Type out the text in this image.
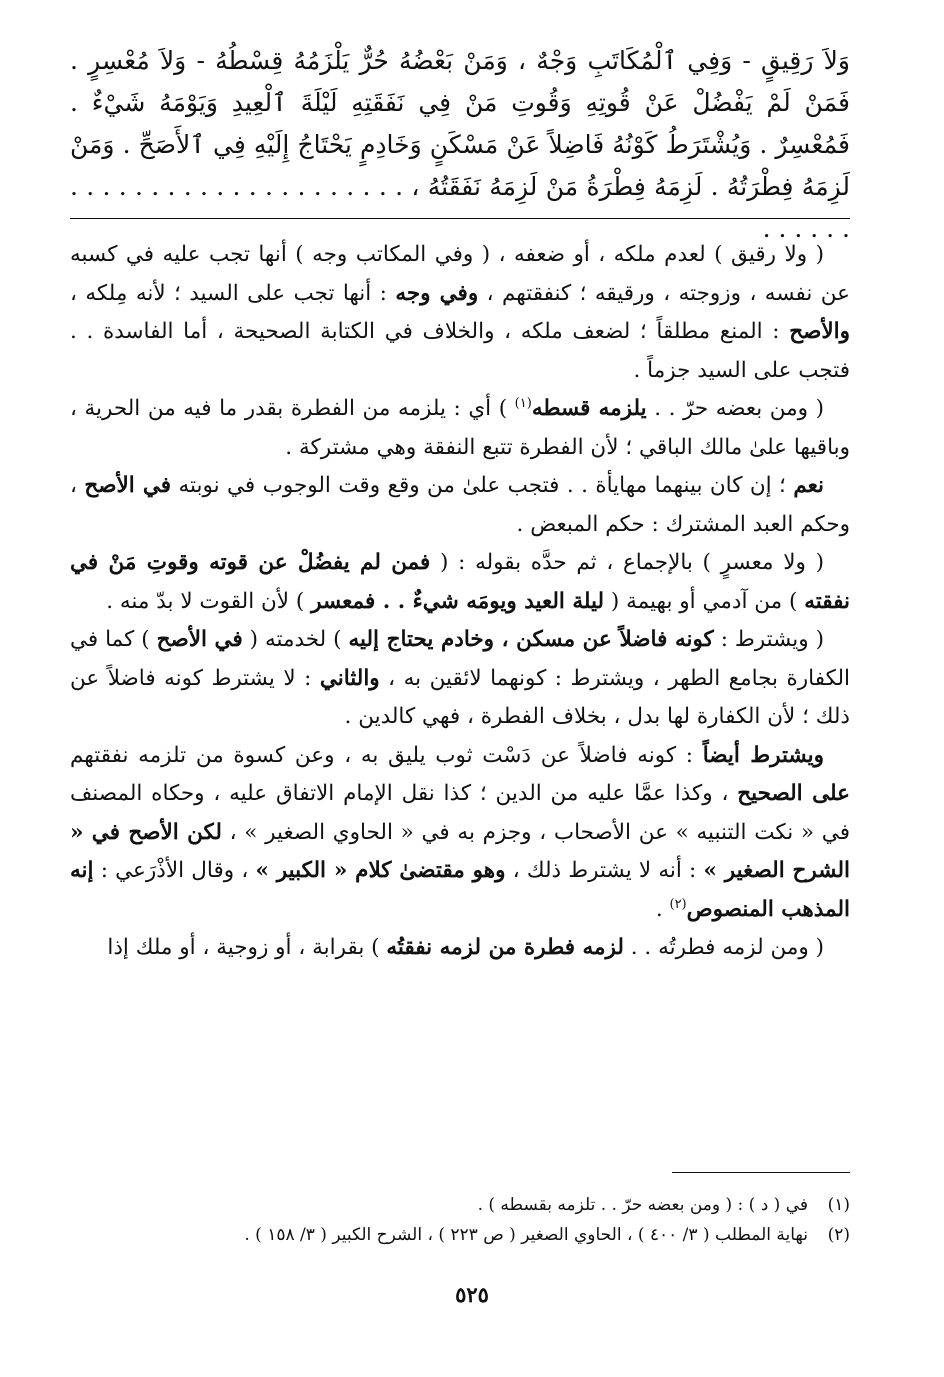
وَلاَ رَقِيقٍ - وَفِي ٱلْمُكَاتَبِ وَجْهٌ ، وَمَنْ بَعْضُهُ حُرٌّ يَلْزَمُهُ قِسْطُهُ - وَلاَ مُعْسِرٍ . فَمَنْ لَمْ يَفْضُلْ عَنْ قُوتِهِ وَقُوتِ مَنْ فِي نَفَقَتِهِ لَيْلَةَ ٱلْعِيدِ وَيَوْمَهُ شَيْءٌ . فَمُعْسِرٌ . وَيُشْتَرَطُ كَوْنُهُ فَاضِلاً عَنْ مَسْكَنٍ وَخَادِمٍ يَحْتَاجُ إِلَيْهِ فِي ٱلأَصَحِّ . وَمَنْ لَزِمَهُ فِطْرَتُهُ . لَزِمَهُ فِطْرَةُ مَنْ لَزِمَهُ نَفَقَتُهُ ، . . . . . . . . . . . . . . . . . . . . . . . . . . .

( ولا رقيق ) لعدم ملكه ، أو ضعفه ، ( وفي المكاتب وجه ) أنها تجب عليه في كسبه عن نفسه ، وزوجته ، ورقيقه ؛ كنفقتهم ، وفي وجه : أنها تجب على السيد ؛ لأنه مِلكه ، والأصح : المنع مطلقاً ؛ لضعف ملكه ، والخلاف في الكتابة الصحيحة ، أما الفاسدة . . فتجب على السيد جزماً .

( ومن بعضه حرّ . . يلزمه قسطه$^{(١)}$ ) أي : يلزمه من الفطرة بقدر ما فيه من الحرية ، وباقيها علىٰ مالك الباقي ؛ لأن الفطرة تتبع النفقة وهي مشتركة .

نعم ؛ إن كان بينهما مهايأة . . فتجب علىٰ من وقع وقت الوجوب في نوبته في الأصح ، وحكم العبد المشترك : حكم المبعض .

( ولا معسرٍ ) بالإجماع ، ثم حدَّه بقوله : ( فمن لم يفضُلْ عن قوته وقوتِ مَنْ في نفقته ) من آدمي أو بهيمة ( ليلة العيد ويومَه شيءٌ . . فمعسر ) لأن القوت لا بدّ منه .

( ويشترط : كونه فاضلاً عن مسكن ، وخادم يحتاج إليه ) لخدمته ( في الأصح ) كما في الكفارة بجامع الطهر ، ويشترط : كونهما لائقين به ، والثاني : لا يشترط كونه فاضلاً عن ذلك ؛ لأن الكفارة لها بدل ، بخلاف الفطرة ، فهي كالدين .

ويشترط أيضاً : كونه فاضلاً عن دَسْت ثوب يليق به ، وعن كسوة من تلزمه نفقتهم على الصحيح ، وكذا عمَّا عليه من الدين ؛ كذا نقل الإمام الاتفاق عليه ، وحكاه المصنف في « نكت التنبيه » عن الأصحاب ، وجزم به في « الحاوي الصغير » ، لكن الأصح في « الشرح الصغير » : أنه لا يشترط ذلك ، وهو مقتضىٰ كلام « الكبير » ، وقال الأذْرَعي : إنه المذهب المنصوص$^{(٢)}$ .

( ومن لزمه فطرتُه . . لزمه فطرة من لزمه نفقتُه ) بقرابة ، أو زوجية ، أو ملك إذا

(١)في ( د ) : ( ومن بعضه حرّ . . تلزمه بقسطه ) .

(٢)نهاية المطلب ( ٣/ ٤٠٠ ) ، الحاوي الصغير ( ص ٢٢٣ ) ، الشرح الكبير ( ٣/ ١٥٨ ) .

٥٢٥
